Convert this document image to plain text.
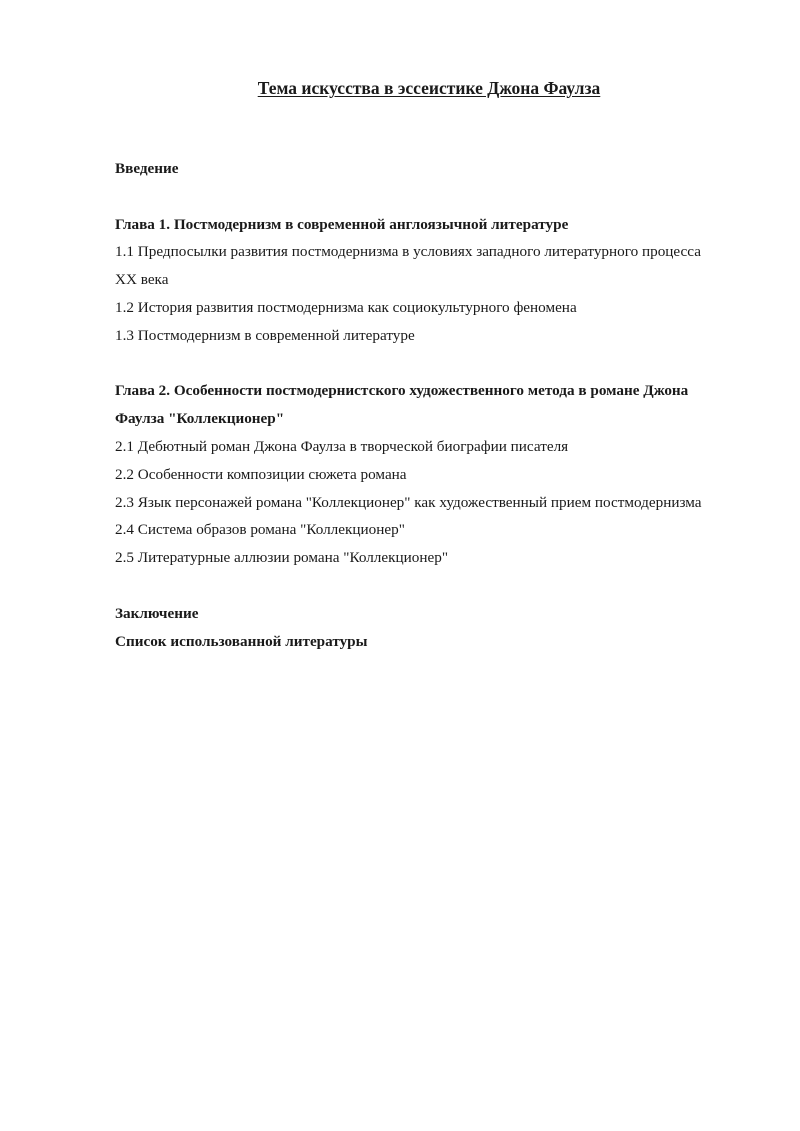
Тема искусства в эссеистике Джона Фаулза
Введение
Глава 1. Постмодернизм в современной англоязычной литературе
1.1 Предпосылки развития постмодернизма в условиях западного литературного процесса
XX века
1.2 История развития постмодернизма как социокультурного феномена
1.3 Постмодернизм в современной литературе
Глава 2. Особенности постмодернистского художественного метода в романе Джона
Фаулза "Коллекционер"
2.1 Дебютный роман Джона Фаулза в творческой биографии писателя
2.2 Особенности композиции сюжета романа
2.3 Язык персонажей романа "Коллекционер" как художественный прием постмодернизма
2.4 Система образов романа "Коллекционер"
2.5 Литературные аллюзии романа "Коллекционер"
Заключение
Список использованной литературы
